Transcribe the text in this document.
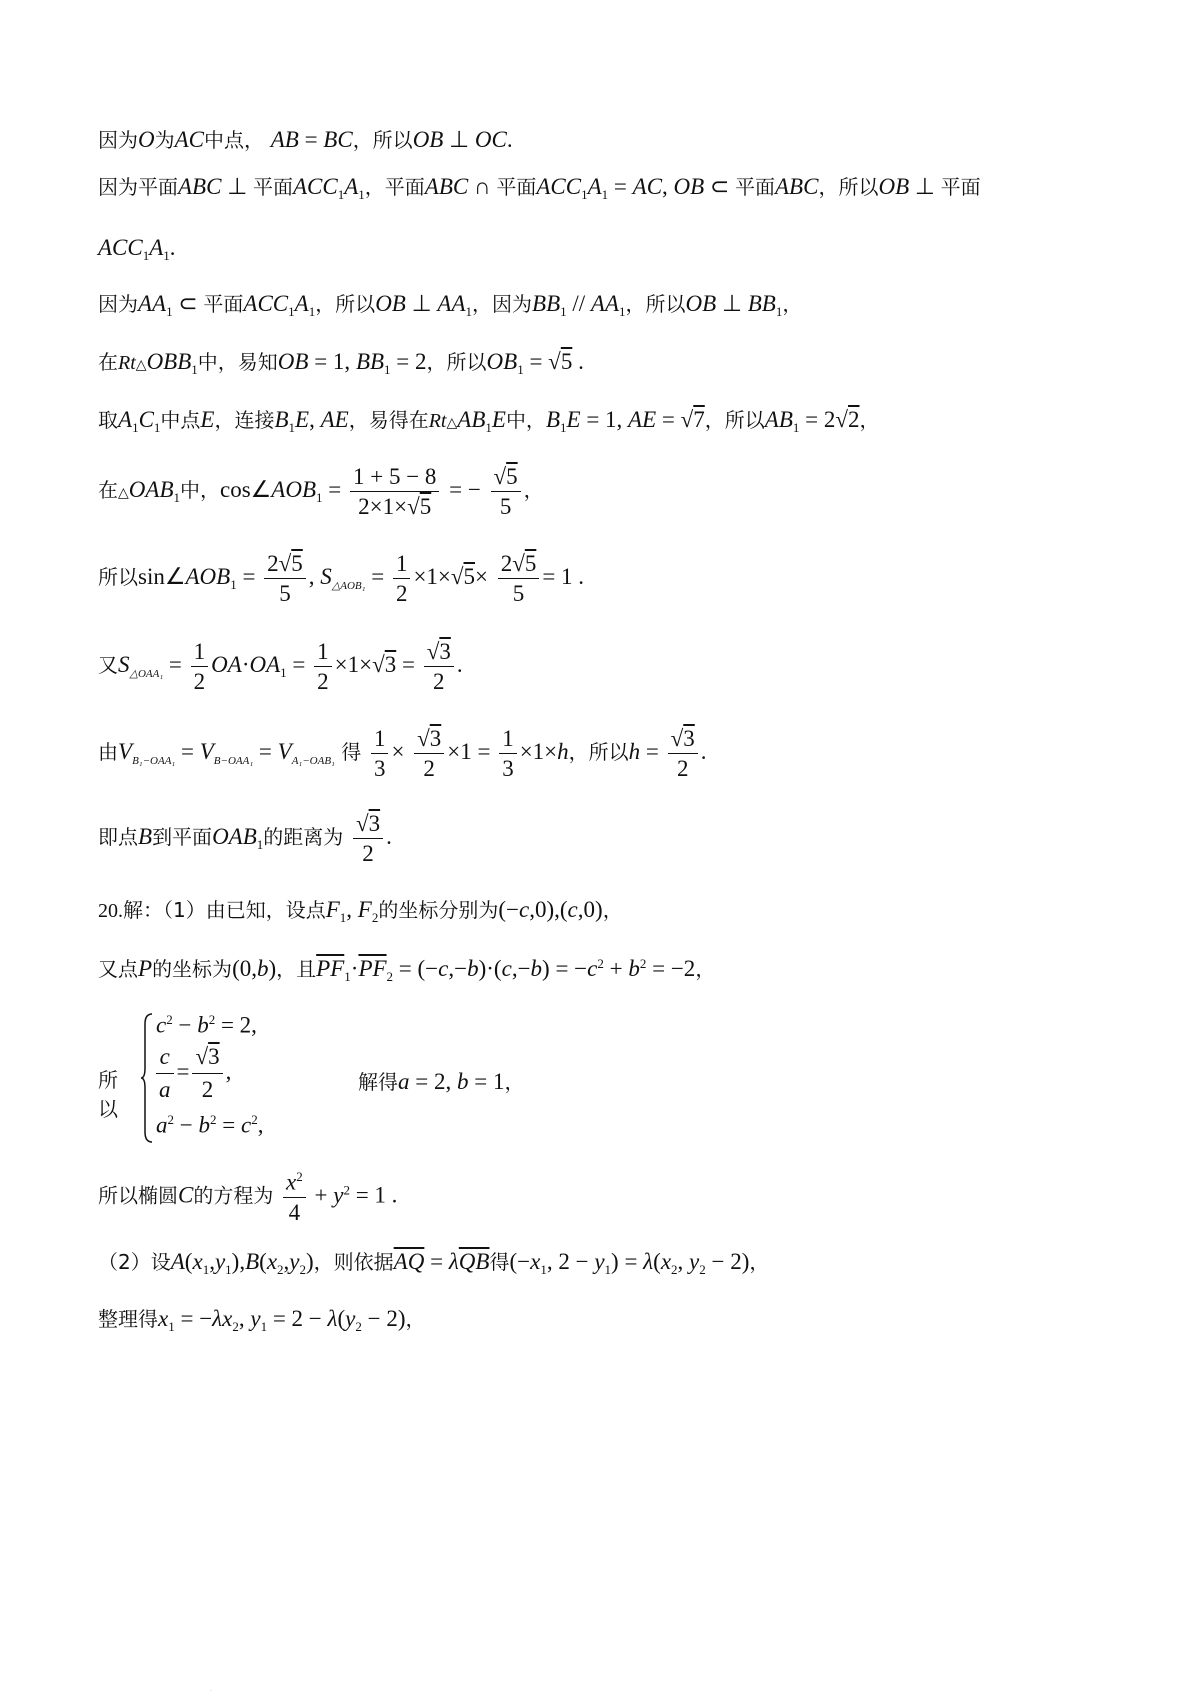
因为O为AC中点， AB = BC，所以OB ⊥ OC.
因为平面ABC ⊥ 平面$ACC_1A_1$，平面ABC ∩ 平面$ACC_1A_1$ = AC, OB ⊂ 平面ABC，所以OB ⊥ 平面
$ACC_1A_1$.
因为$AA_1$ ⊂ 平面$ACC_1A_1$，所以OB ⊥ $AA_1$，因为$BB_1 // AA_1$，所以OB ⊥ $BB_1$，
在$Rt\triangle OBB_1$中，易知OB = 1, $BB_1 = 2$，所以$OB_1 = √5$ .
取$A_1C_1$中点E，连接$B_1E$, AE，易得在$Rt\triangle AB_1E$中，$B_1E = 1$, AE = √7，所以$AB_1 = 2√2$，
在$\triangle OAB_1$中，$\cos\angle AOB_1 = \frac{1 + 5 - 8}{2\times 1\times√5}$ = − $\frac{√5}{5}$ ，
所以$\sin\angle AOB_1 = \frac{2√5}{5}$ , $S_{\triangle AOB_1} = \frac{1}{2} \times 1\times√5\times \frac{2√5}{5} = 1$ .
又$S_{\triangle OAA_1} = \frac{1}{2} OA\cdot OA_1 = \frac{1}{2} \times 1\times√3 = \frac{√3}{2}$ .
由$V_{B_1-OAA_1} = V_{B-OAA_1} = V_{A_1-OAB_1}$ 得 $\frac{1}{3} \times \frac{√3}{2} \times 1 = \frac{1}{3} \times 1\times h$，所以$h = \frac{√3}{2}$ .
即点B到平面$OAB_1$的距离为 $\frac{√3}{2}$ .
20.解：（1）由已知，设点$F_1$, $F_2$的坐标分别为(−c,0),(c,0)，
又点P的坐标为(0,b)，且$\overline{PF}_1\cdot\overline{PF}_2 = (-c,-b)\cdot(c,-b) = -c^2 + b^2 = -2$，
所以
$c^2 - b^2 = 2$,
$\frac{c}{a} = \frac{√3}{2}$ ,
$a^2 - b^2 = c^2$,
解得a = 2, b = 1，
所以椭圆C的方程为 $\frac{x^2}{4} + y^2 = 1$ .
（2）设$A(x_1,y_1),B(x_2,y_2)$，则依据$\overline{AQ} = \lambda\overline{QB}$得($-x_1$, $2 - y_1) = \lambda(x_2$, $y_2 - 2$)，
整理得$x_1 = -\lambda x_2$, $y_1 = 2 - \lambda(y_2 - 2)$，
·
